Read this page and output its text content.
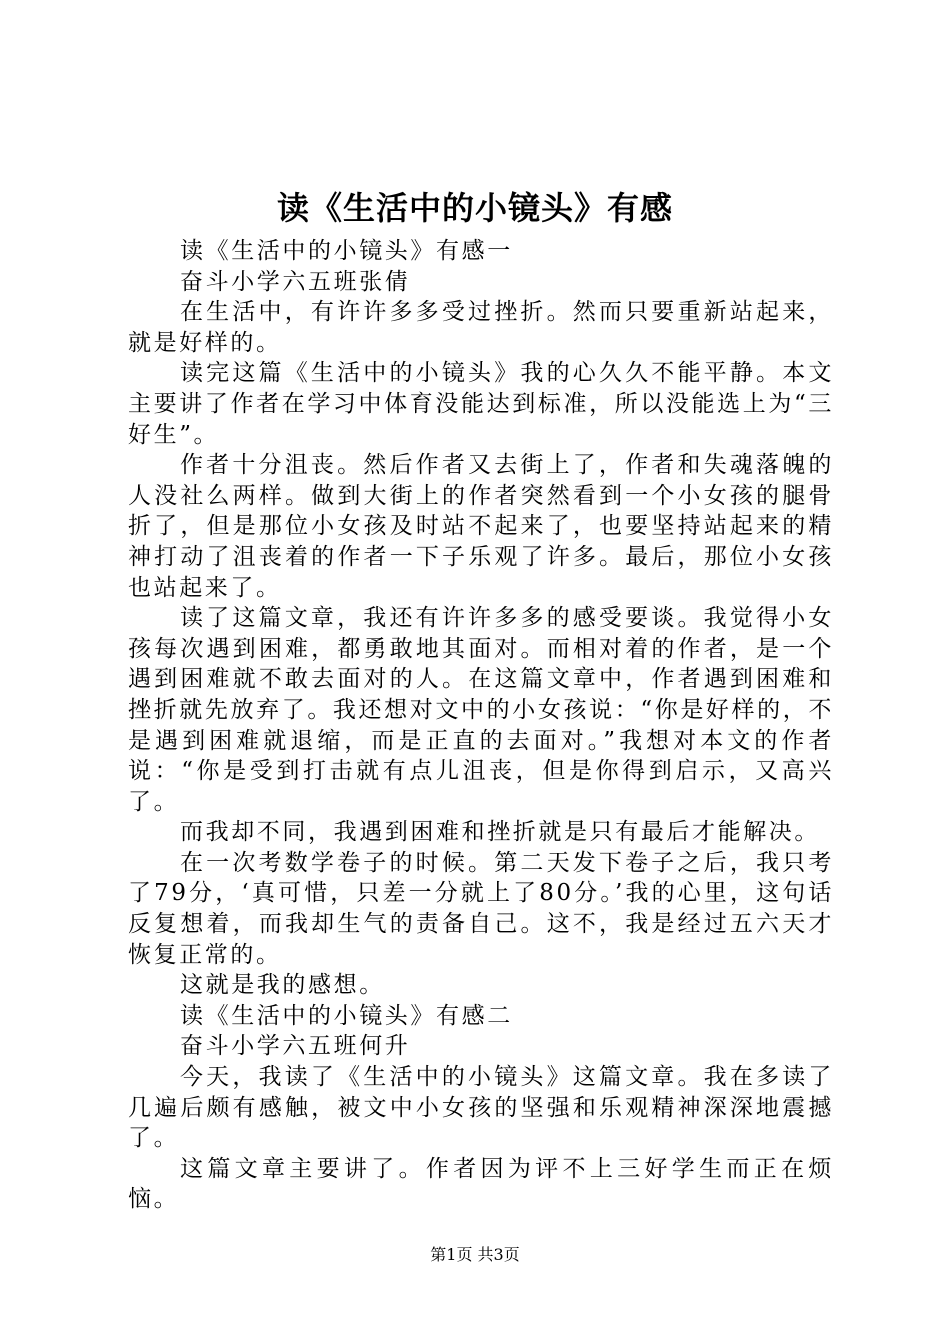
读《生活中的小镜头》有感

读《生活中的小镜头》有感一

奋斗小学六五班张倩

在生活中，有许许多多受过挫折。然而只要重新站起来，就是好样的。

读完这篇《生活中的小镜头》我的心久久不能平静。本文主要讲了作者在学习中体育没能达到标准，所以没能选上为“三好生”。

作者十分沮丧。然后作者又去街上了，作者和失魂落魄的人没社么两样。做到大街上的作者突然看到一个小女孩的腿骨折了，但是那位小女孩及时站不起来了，也要坚持站起来的精神打动了沮丧着的作者一下子乐观了许多。最后，那位小女孩也站起来了。

读了这篇文章，我还有许许多多的感受要谈。我觉得小女孩每次遇到困难，都勇敢地其面对。而相对着的作者，是一个遇到困难就不敢去面对的人。在这篇文章中，作者遇到困难和挫折就先放弃了。我还想对文中的小女孩说：“你是好样的，不是遇到困难就退缩，而是正直的去面对。”我想对本文的作者说：“你是受到打击就有点儿沮丧，但是你得到启示，又高兴了。

而我却不同，我遇到困难和挫折就是只有最后才能解决。

在一次考数学卷子的时候。第二天发下卷子之后，我只考了79分，‘真可惜，只差一分就上了80分。’我的心里，这句话反复想着，而我却生气的责备自己。这不，我是经过五六天才恢复正常的。

这就是我的感想。

读《生活中的小镜头》有感二

奋斗小学六五班何升

今天，我读了《生活中的小镜头》这篇文章。我在多读了几遍后颇有感触，被文中小女孩的坚强和乐观精神深深地震撼了。

这篇文章主要讲了。作者因为评不上三好学生而正在烦恼。

第1页 共3页
